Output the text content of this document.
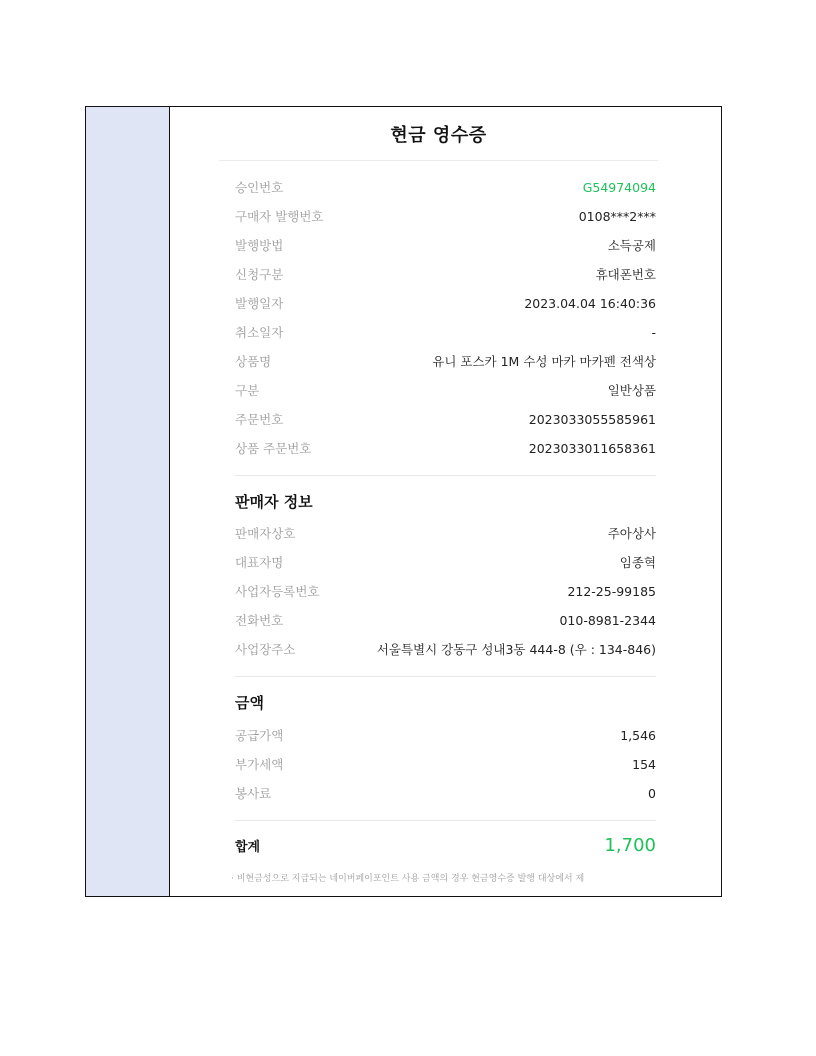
현금 영수증
승인번호	G54974094
구매자 발행번호	0108***2***
발행방법	소득공제
신청구분	휴대폰번호
발행일자	2023.04.04 16:40:36
취소일자	-
상품명	유니 포스카 1M 수성 마카 마카펜 전색상
구분	일반상품
주문번호	2023033055585961
상품 주문번호	2023033011658361
판매자 정보
판매자상호	주아상사
대표자명	임종혁
사업자등록번호	212-25-99185
전화번호	010-8981-2344
사업장주소	서울특별시 강동구 성내3동 444-8 (우 : 134-846)
금액
공급가액	1,546
부가세액	154
봉사료	0
합계	1,700
· 비현금성으로 지급되는 네이버페이포인트 사용 금액의 경우 현금영수증 발행 대상에서 제
